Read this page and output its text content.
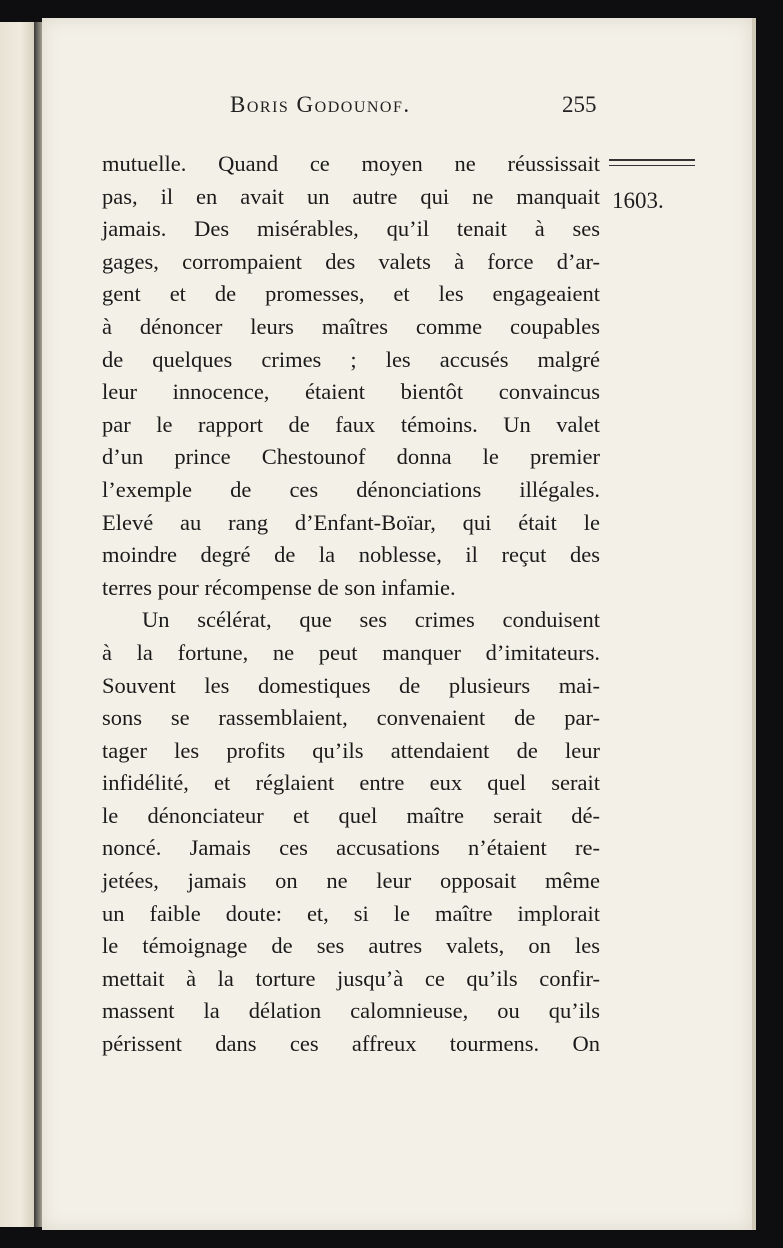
Boris Godounof.	255
1603.
mutuelle. Quand ce moyen ne réussissait
pas, il en avait un autre qui ne manquait
jamais. Des misérables, qu’il tenait à ses
gages, corrompaient des valets à force d’ar-
gent et de promesses, et les engageaient
à dénoncer leurs maîtres comme coupables
de quelques crimes ; les accusés malgré
leur innocence, étaient bientôt convaincus
par le rapport de faux témoins. Un valet
d’un prince Chestounof donna le premier
l’exemple de ces dénonciations illégales.
Elevé au rang d’Enfant-Boïar, qui était le
moindre degré de la noblesse, il reçut des
terres pour récompense de son infamie.
Un scélérat, que ses crimes conduisent
à la fortune, ne peut manquer d’imitateurs.
Souvent les domestiques de plusieurs mai-
sons se rassemblaient, convenaient de par-
tager les profits qu’ils attendaient de leur
infidélité, et réglaient entre eux quel serait
le dénonciateur et quel maître serait dé-
noncé. Jamais ces accusations n’étaient re-
jetées, jamais on ne leur opposait même
un faible doute: et, si le maître implorait
le témoignage de ses autres valets, on les
mettait à la torture jusqu’à ce qu’ils confir-
massent la délation calomnieuse, ou qu’ils
périssent dans ces affreux tourmens. On
